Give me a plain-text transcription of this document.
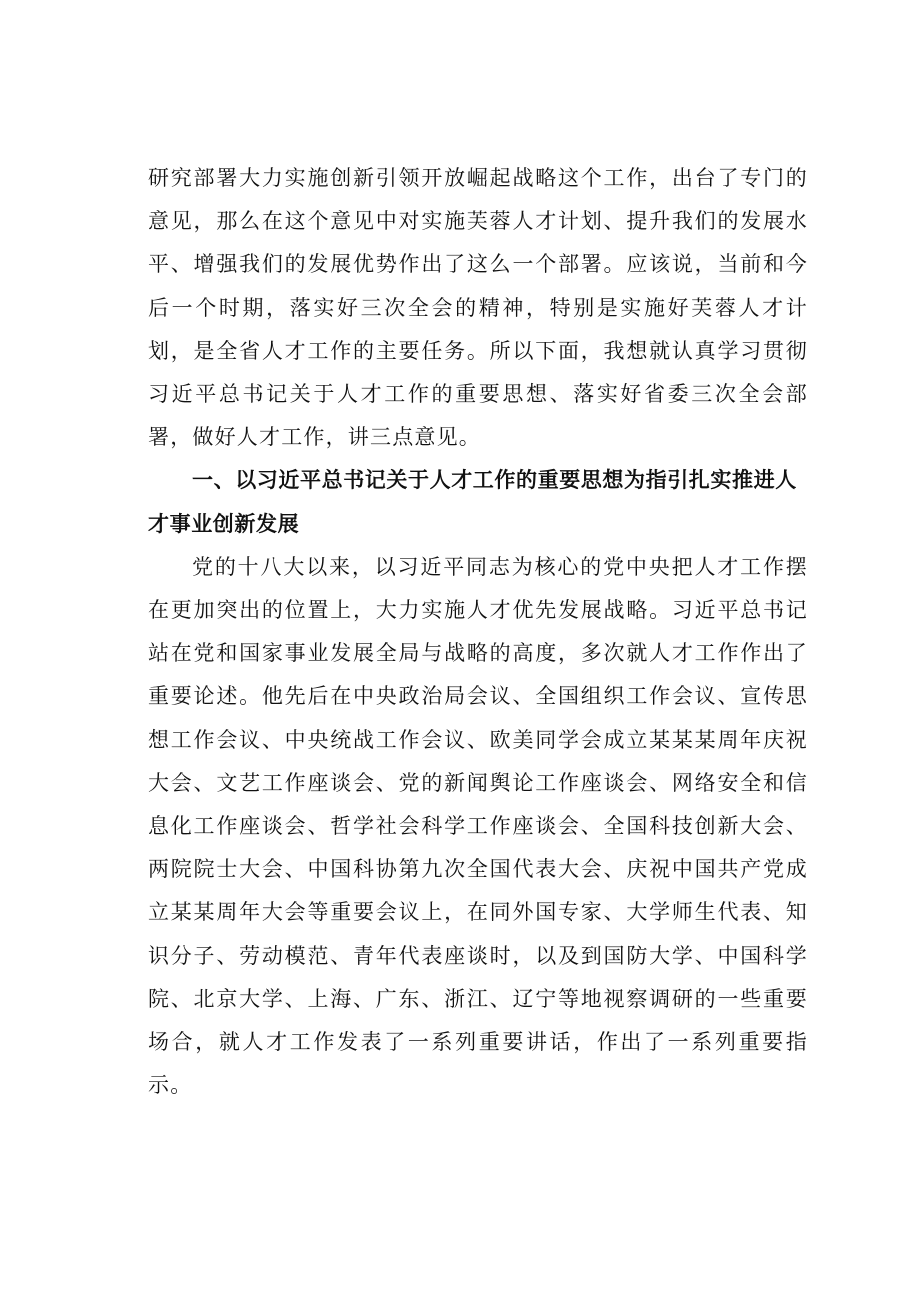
研究部署大力实施创新引领开放崛起战略这个工作，出台了专门的意见，那么在这个意见中对实施芙蓉人才计划、提升我们的发展水平、增强我们的发展优势作出了这么一个部署。应该说，当前和今后一个时期，落实好三次全会的精神，特别是实施好芙蓉人才计划，是全省人才工作的主要任务。所以下面，我想就认真学习贯彻习近平总书记关于人才工作的重要思想、落实好省委三次全会部署，做好人才工作，讲三点意见。

一、以习近平总书记关于人才工作的重要思想为指引扎实推进人才事业创新发展

党的十八大以来，以习近平同志为核心的党中央把人才工作摆在更加突出的位置上，大力实施人才优先发展战略。习近平总书记站在党和国家事业发展全局与战略的高度，多次就人才工作作出了重要论述。他先后在中央政治局会议、全国组织工作会议、宣传思想工作会议、中央统战工作会议、欧美同学会成立某某某周年庆祝大会、文艺工作座谈会、党的新闻舆论工作座谈会、网络安全和信息化工作座谈会、哲学社会科学工作座谈会、全国科技创新大会、两院院士大会、中国科协第九次全国代表大会、庆祝中国共产党成立某某周年大会等重要会议上，在同外国专家、大学师生代表、知识分子、劳动模范、青年代表座谈时，以及到国防大学、中国科学院、北京大学、上海、广东、浙江、辽宁等地视察调研的一些重要场合，就人才工作发表了一系列重要讲话，作出了一系列重要指示。
